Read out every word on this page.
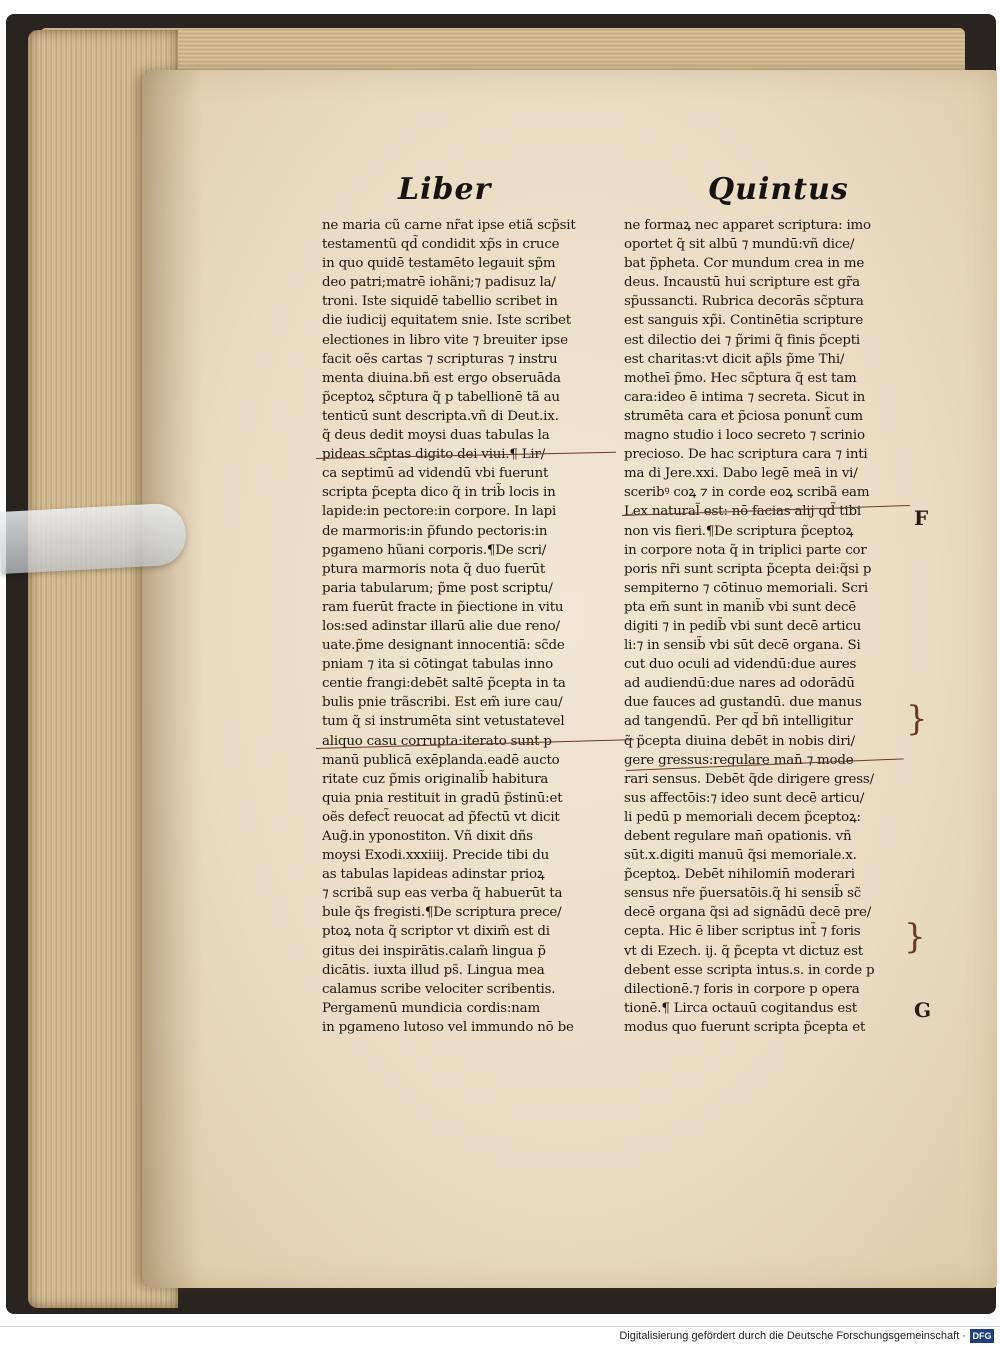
Liber	Quintus
ne maria cũ carne nr̃at ipse etiã scp̃sit
testamentũ qd̃ condidit xp̃s in cruce
in quo quidē testamēto legauit sp̃m
deo patri;matrē iohãni;⁊ padisuz la/
troni. Iste siquidē tabellio scribet in
die iudicij equitatem snie. Iste scribet
electiones in libro vite ⁊ breuiter ipse
facit oẽs cartas ⁊ scripturas ⁊ instru
menta diuina.bñ est ergo obseruāda
p̃ceptoꝝ sc̃ptura q̃ p tabellionē tã au
tenticū sunt descripta.vñ di Deut.ix.
q̃ deus dedit moysi duas tabulas la
pideas sc̃ptas digito dei viui.¶ Lir/
ca septimū ad videndū vbi fuerunt
scripta p̃cepta dico q̃ in trib̃ locis in
lapide:in pectore:in corpore. In lapi
de marmoris:in p̃fundo pectoris:in
pgameno hũani corporis.¶De scri/
ptura marmoris nota q̃ duo fuerūt
paria tabularum; p̃me post scriptu/
ram fuerūt fracte in p̃iectione in vitu
los:sed adinstar illarū alie due reno/
uate.p̃me designant innocentiā: sc̃de
pniam ⁊ ita si cōtingat tabulas inno
centie frangi:debēt saltē p̃cepta in ta
bulis pnie trãscribi. Est em̃ iure cau/
tum q̃ si instrumēta sint vetustatevel
aliquo casu corrupta:iterato sunt p
manū publicā exēplanda.eadē aucto
ritate cuz p̃mis originalib̃ habitura
quia pnia restituit in gradū p̃stinū:et
oẽs defect̃ reuocat ad p̃fectū vt dicit
Aug̃.in yponostiton. Vñ dixit dñs
moysi Exodi.xxxiiij. Precide tibi du
as tabulas lapideas adinstar prioꝝ
⁊ scribã sup eas verba q̃ habuerūt ta
bule q̃s fregisti.¶De scriptura prece/
ptoꝝ nota q̃ scriptor vt dixim̃ est di
gitus dei inspirātis.calam̃ lingua p̃
dicātis. iuxta illud ps̃. Lingua mea
calamus scribe velociter scribentis.
Pergamenū mundicia cordis:nam
in pgameno lutoso vel immundo nō be
ne formaꝝ nec apparet scriptura: imo
oportet q̃ sit albū ⁊ mundū:vñ dice/
bat p̃pheta. Cor mundum crea in me
deus. Incaustū hui̇ scripture est gr̃a
sp̃ussancti. Rubrica decorās sc̃ptura
est sanguis xp̃i. Continētia scripture
est dilectio dei ⁊ p̃rimi q̃ finis p̃cepti
est charitas:vt dicit ap̃ls p̃me Thi/
motheī p̃mo. Hec sc̃ptura q̃ est tam
cara:ideo ē intima ⁊ secreta. Sicut in
strumēta cara et p̃ciosa ponunt̃ cum
magno studio i loco secreto ⁊ scrinio
precioso. De hac scriptura cara ⁊ inti
ma di Jere.xxi. Dabo legē meā in vi/
sceribꝰ coꝝ ⁊ in corde eoꝝ scribã eam
Lex natural̃ est: nō facias alij qd̃ tibi
non vis fieri.¶De scriptura p̃ceptoꝝ
in corpore nota q̃ in triplici parte cor
poris nr̃i sunt scripta p̃cepta dei:q̃si p
sempiterno ⁊ cōtinuo memoriali. Scri
pta em̃ sunt in manib̃ vbi sunt decē
digiti ⁊ in pedib̃ vbi sunt decē articu
li:⁊ in sensib̃ vbi sūt decē organa. Si
cut duo oculi ad videndū:due aures
ad audiendū:due nares ad odorādū
due fauces ad gustandū. due manus
ad tangendū. Per qd̃ bñ intelligitur
q̃ p̃cepta diuina debēt in nobis diri/
gere gressus:regulare man̄ ⁊ mode
rari sensus. Debēt q̃de dirigere gress/
sus affectōis:⁊ ideo sunt decē articu/
li pedū p memoriali decem p̃ceptoꝝ:
debent regulare man̄ opationis. vñ
sūt.x.digiti manuū q̃si memoriale.x.
p̃ceptoꝝ. Debēt nihilomin̄ moderari
sensus nr̃e p̃uersatōis.q̃ hi sensib̃ sc̃
decē organa q̃si ad signādū decē pre/
cepta. Hic ē liber scriptus int̃ ⁊ foris
vt di Ezech. ij. q̃ p̃cepta vt dictuz est
debent esse scripta intus.s. in corde p
dilectionē.⁊ foris in corpore p opera
tionē.¶ Lirca octauū cogitandus est
modus quo fuerunt scripta p̃cepta et
}
}
F
G
Digitalisierung gefördert durch die Deutsche Forschungsgemeinschaft · DFG
